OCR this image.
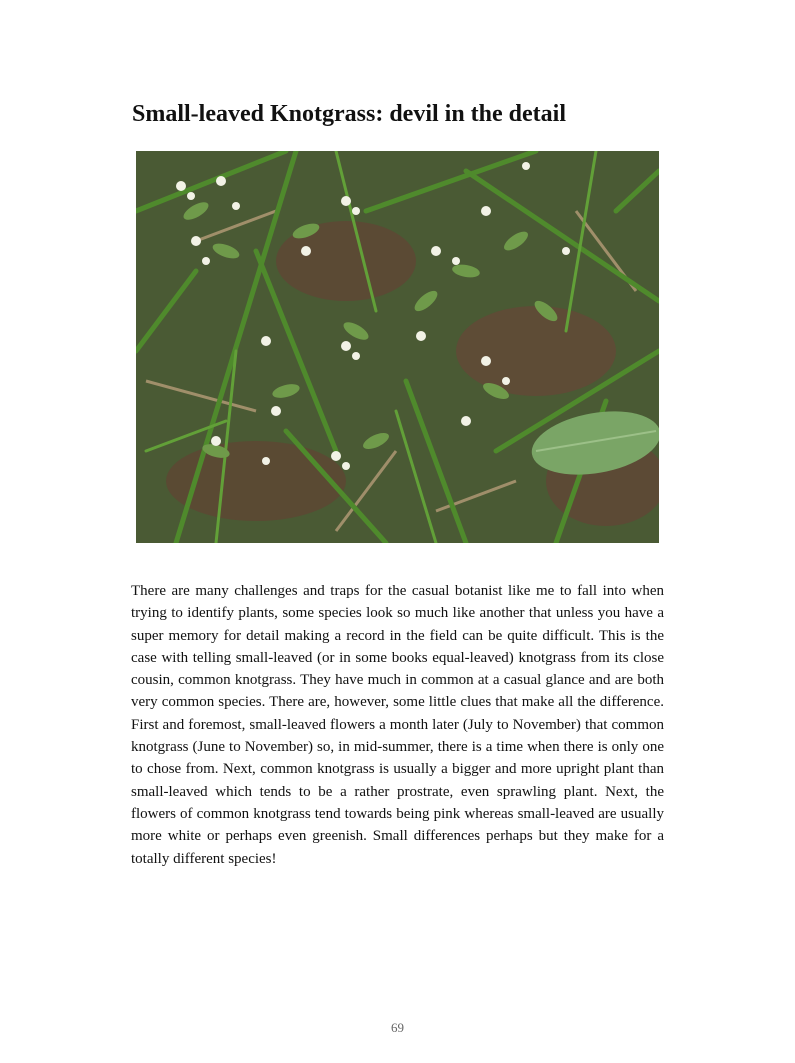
Small-leaved Knotgrass: devil in the detail

There are many challenges and traps for the casual botanist like me to fall into when trying to identify plants, some species look so much like another that unless you have a super memory for detail making a record in the field can be quite difficult. This is the case with telling small-leaved (or in some books equal-leaved) knotgrass from its close cousin, common knotgrass. They have much in common at a casual glance and are both very common species. There are, however, some little clues that make all the difference. First and foremost, small-leaved flowers a month later (July to November) that common knotgrass (June to November) so, in mid-summer, there is a time when there is only one to chose from. Next, common knotgrass is usually a bigger and more upright plant than small-leaved which tends to be a rather prostrate, even sprawling plant. Next, the flowers of common knotgrass tend towards being pink whereas small-leaved are usually more white or perhaps even greenish. Small differences perhaps but they make for a totally different species!

69
